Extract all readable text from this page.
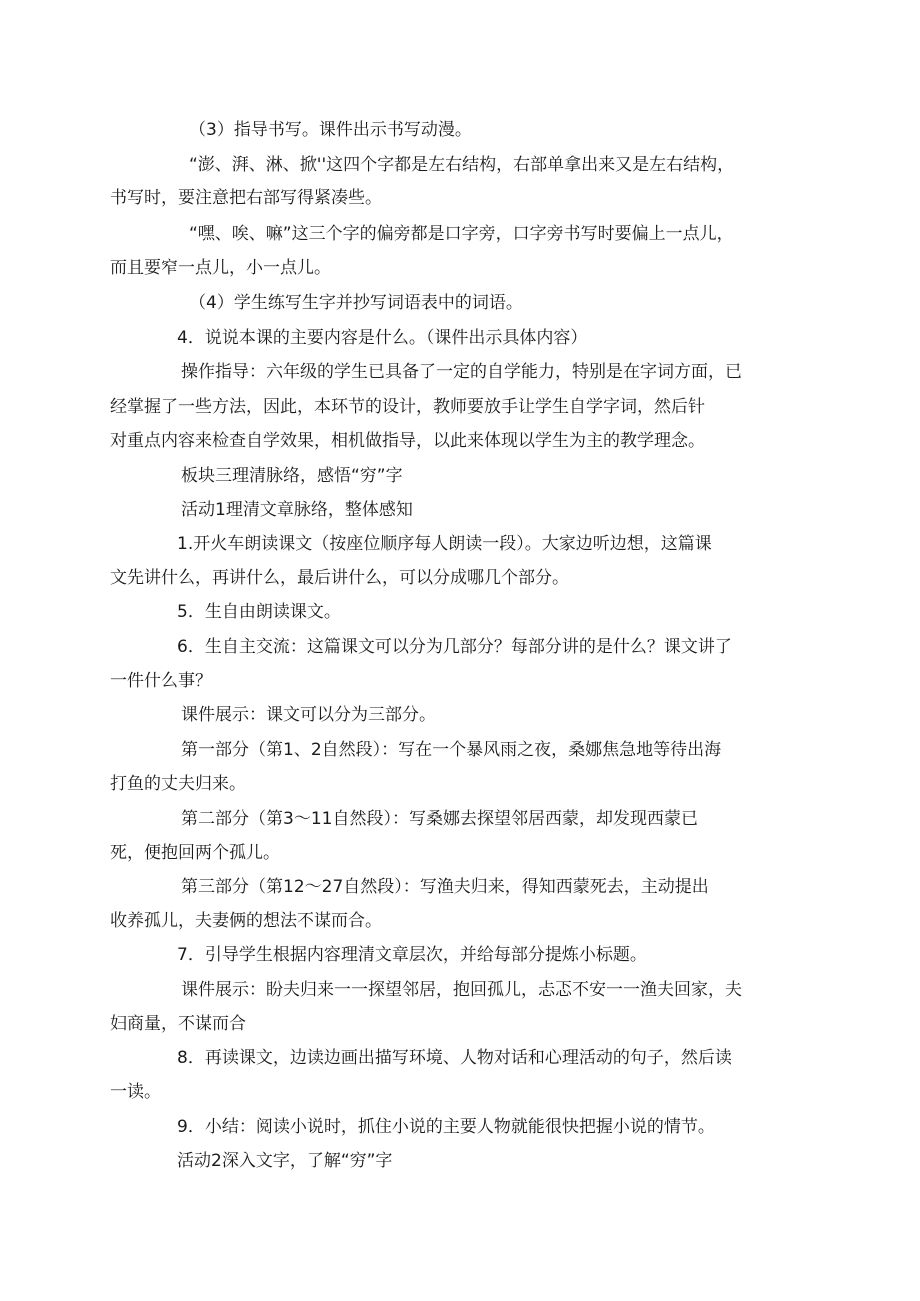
（3）指导书写。课件出示书写动漫。
“澎、湃、淋、掀''这四个字都是左右结构，右部单拿出来又是左右结构，
书写时，要注意把右部写得紧凑些。
“嘿、唉、嘛”这三个字的偏旁都是口字旁，口字旁书写时要偏上一点儿，
而且要窄一点儿，小一点儿。
（4）学生练写生字并抄写词语表中的词语。
4．说说本课的主要内容是什么。（课件出示具体内容）
操作指导：六年级的学生已具备了一定的自学能力，特别是在字词方面，已
经掌握了一些方法，因此，本环节的设计，教师要放手让学生自学字词，然后针
对重点内容来检查自学效果，相机做指导，以此来体现以学生为主的教学理念。
板块三理清脉络，感悟“穷”字
活动1理清文章脉络，整体感知
1.开火车朗读课文（按座位顺序每人朗读一段）。大家边听边想，这篇课
文先讲什么，再讲什么，最后讲什么，可以分成哪几个部分。
5．生自由朗读课文。
6．生自主交流：这篇课文可以分为几部分？每部分讲的是什么？课文讲了
一件什么事？
课件展示：课文可以分为三部分。
第一部分（第1、2自然段）：写在一个暴风雨之夜，桑娜焦急地等待出海
打鱼的丈夫归来。
第二部分（第3〜11自然段）：写桑娜去探望邻居西蒙，却发现西蒙已
死，便抱回两个孤儿。
第三部分（第12〜27自然段）：写渔夫归来，得知西蒙死去，主动提出
收养孤儿，夫妻俩的想法不谋而合。
7．引导学生根据内容理清文章层次，并给每部分提炼小标题。
课件展示：盼夫归来一一探望邻居，抱回孤儿，忐忑不安一一渔夫回家，夫
妇商量，不谋而合
8．再读课文，边读边画出描写环境、人物对话和心理活动的句子，然后读
一读。
9．小结：阅读小说时，抓住小说的主要人物就能很快把握小说的情节。
活动2深入文字，了解“穷”字
